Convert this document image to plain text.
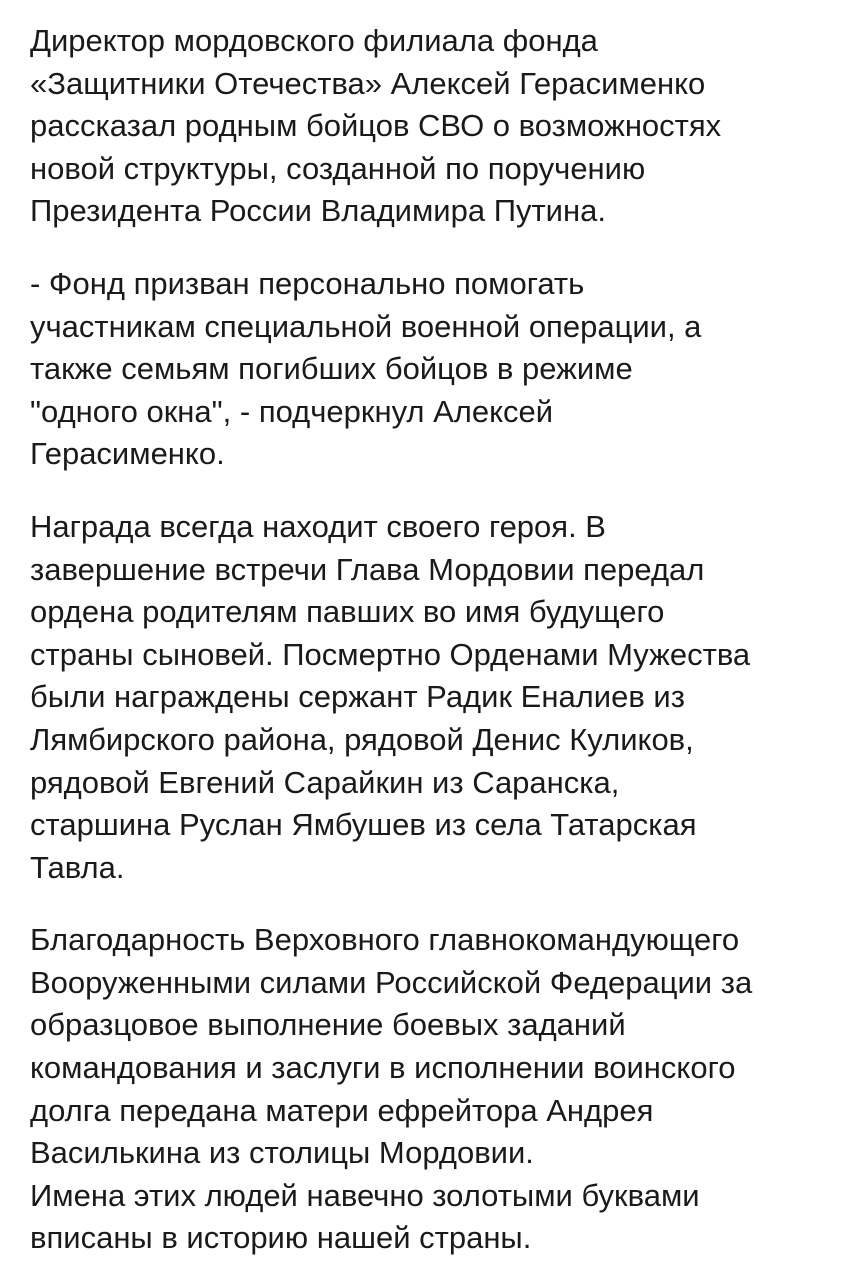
Директор мордовского филиала фонда
«Защитники Отечества» Алексей Герасименко
рассказал родным бойцов СВО о возможностях
новой структуры, созданной по поручению
Президента России Владимира Путина.

- Фонд призван персонально помогать
участникам специальной военной операции, а
также семьям погибших бойцов в режиме
"одного окна", - подчеркнул Алексей
Герасименко.

Награда всегда находит своего героя. В
завершение встречи Глава Мордовии передал
ордена родителям павших во имя будущего
страны сыновей. Посмертно Орденами Мужества
были награждены сержант Радик Еналиев из
Лямбирского района, рядовой Денис Куликов,
рядовой Евгений Сарайкин из Саранска,
старшина Руслан Ямбушев из села Татарская
Тавла.

Благодарность Верховного главнокомандующего
Вооруженными силами Российской Федерации за
образцовое выполнение боевых заданий
командования и заслуги в исполнении воинского
долга передана матери ефрейтора Андрея
Василькина из столицы Мордовии.
Имена этих людей навечно золотыми буквами
вписаны в историю нашей страны.
